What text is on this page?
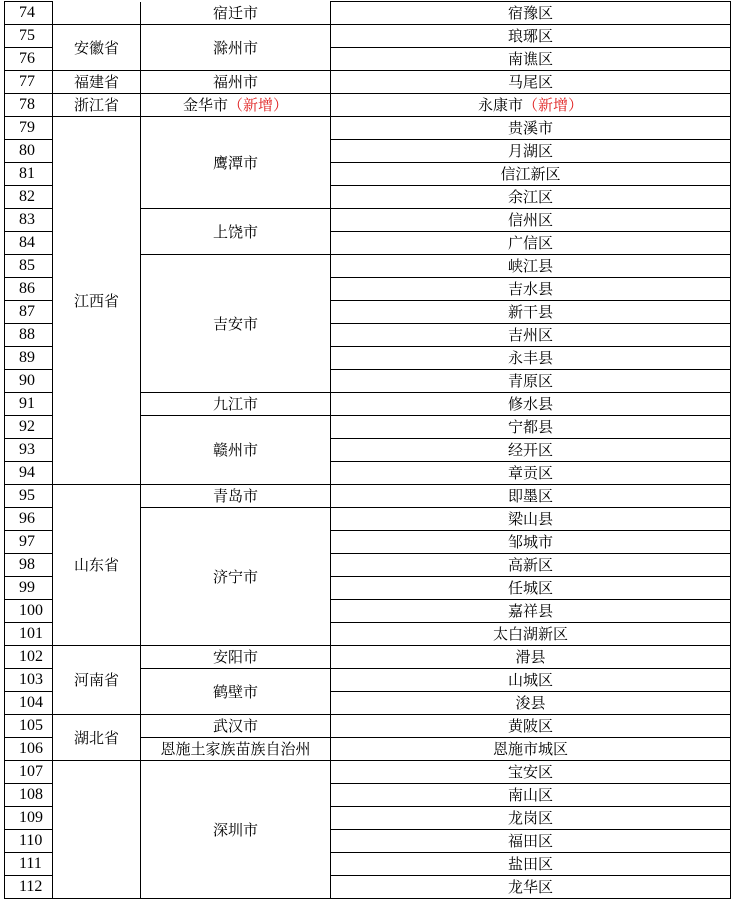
74		宿迁市	宿豫区
75	安徽省	滁州市	琅琊区
76			南谯区
77	福建省	福州市	马尾区
78	浙江省	金华市（新增）	永康市（新增）
79	江西省	鹰潭市	贵溪市
80			月湖区
81			信江新区
82			余江区
83		上饶市	信州区
84			广信区
85		吉安市	峡江县
86			吉水县
87			新干县
88			吉州区
89			永丰县
90			青原区
91		九江市	修水县
92		赣州市	宁都县
93			经开区
94			章贡区
95	山东省	青岛市	即墨区
96		济宁市	梁山县
97			邹城市
98			高新区
99			任城区
100			嘉祥县
101			太白湖新区
102	河南省	安阳市	滑县
103		鹤壁市	山城区
104			浚县
105	湖北省	武汉市	黄陂区
106		恩施土家族苗族自治州	恩施市城区
107		深圳市	宝安区
108			南山区
109			龙岗区
110			福田区
111			盐田区
112			龙华区
